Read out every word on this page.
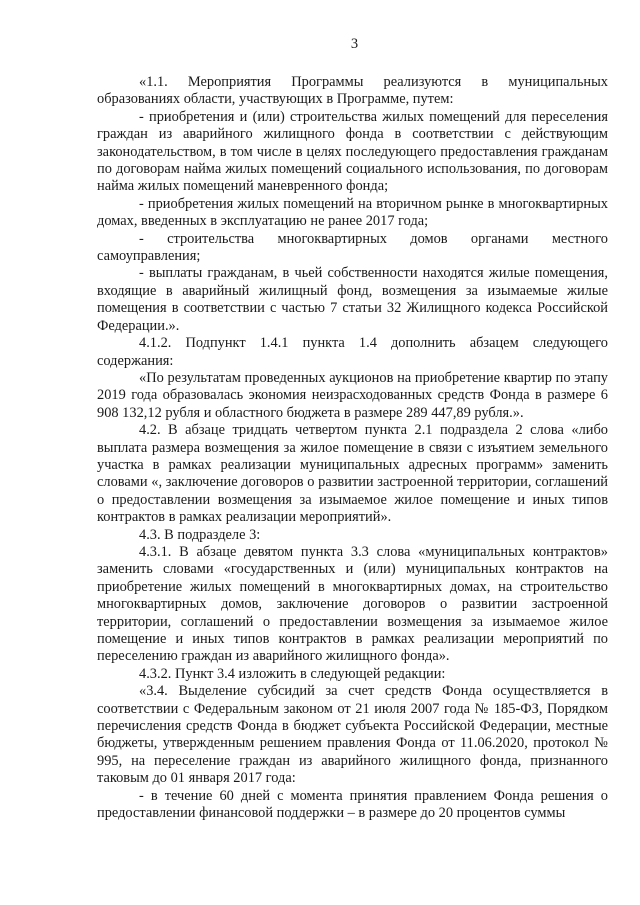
3

«1.1. Мероприятия Программы реализуются в муниципальных образованиях области, участвующих в Программе, путем:

- приобретения и (или) строительства жилых помещений для переселения граждан из аварийного жилищного фонда в соответствии с действующим законодательством, в том числе в целях последующего предоставления гражданам по договорам найма жилых помещений социального использования, по договорам найма жилых помещений маневренного фонда;

- приобретения жилых помещений на вторичном рынке в многоквартирных домах, введенных в эксплуатацию не ранее 2017 года;

- строительства многоквартирных домов органами местного самоуправления;

- выплаты гражданам, в чьей собственности находятся жилые помещения, входящие в аварийный жилищный фонд, возмещения за изымаемые жилые помещения в соответствии с частью 7 статьи 32 Жилищного кодекса Российской Федерации.».

4.1.2. Подпункт 1.4.1 пункта 1.4 дополнить абзацем следующего содержания:

«По результатам проведенных аукционов на приобретение квартир по этапу 2019 года образовалась экономия неизрасходованных средств Фонда в размере 6 908 132,12 рубля и областного бюджета в размере 289 447,89 рубля.».

4.2. В абзаце тридцать четвертом пункта 2.1 подраздела 2 слова «либо выплата размера возмещения за жилое помещение в связи с изъятием земельного участка в рамках реализации муниципальных адресных программ» заменить словами «, заключение договоров о развитии застроенной территории, соглашений о предоставлении возмещения за изымаемое жилое помещение и иных типов контрактов в рамках реализации мероприятий».

4.3. В подразделе 3:

4.3.1. В абзаце девятом пункта 3.3 слова «муниципальных контрактов» заменить словами «государственных и (или) муниципальных контрактов на приобретение жилых помещений в многоквартирных домах, на строительство многоквартирных домов, заключение договоров о развитии застроенной территории, соглашений о предоставлении возмещения за изымаемое жилое помещение и иных типов контрактов в рамках реализации мероприятий по переселению граждан из аварийного жилищного фонда».

4.3.2. Пункт 3.4 изложить в следующей редакции:

«3.4. Выделение субсидий за счет средств Фонда осуществляется в соответствии с Федеральным законом от 21 июля 2007 года № 185-ФЗ, Порядком перечисления средств Фонда в бюджет субъекта Российской Федерации, местные бюджеты, утвержденным решением правления Фонда от 11.06.2020, протокол № 995, на переселение граждан из аварийного жилищного фонда, признанного таковым до 01 января 2017 года:

- в течение 60 дней с момента принятия правлением Фонда решения о предоставлении финансовой поддержки – в размере до 20 процентов суммы
